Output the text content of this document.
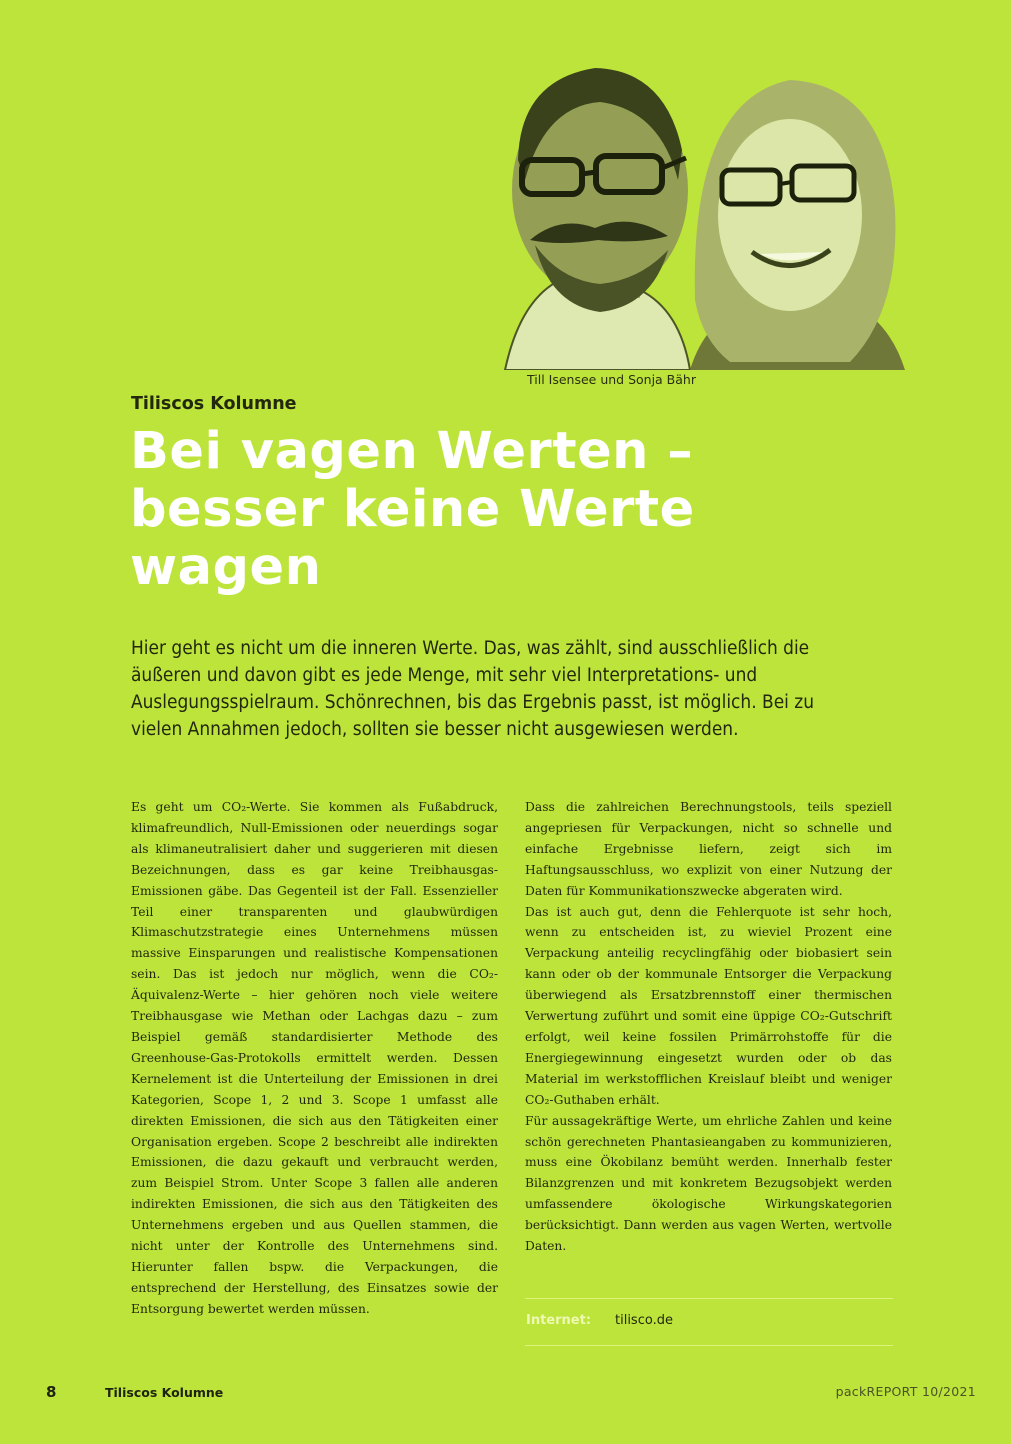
Till Isensee und Sonja Bähr
Tiliscos Kolumne
Bei vagen Werten – besser keine Werte wagen

Hier geht es nicht um die inneren Werte. Das, was zählt, sind ausschließlich die äußeren und davon gibt es jede Menge, mit sehr viel Interpretations- und Auslegungsspielraum. Schönrechnen, bis das Ergebnis passt, ist möglich. Bei zu vielen Annahmen jedoch, sollten sie besser nicht ausgewiesen werden.

Es geht um CO₂-Werte. Sie kommen als Fußabdruck, klimafreundlich, Null-Emissionen oder neuerdings sogar als klimaneutralisiert daher und suggerieren mit diesen Bezeichnungen, dass es gar keine Treibhausgas-Emissionen gäbe. Das Gegenteil ist der Fall. Essenzieller Teil einer transparenten und glaubwürdigen Klimaschutzstrategie eines Unternehmens müssen massive Einsparungen und realistische Kompensationen sein. Das ist jedoch nur möglich, wenn die CO₂-Äquivalenz-Werte – hier gehören noch viele weitere Treibhausgase wie Methan oder Lachgas dazu – zum Beispiel gemäß standardisierter Methode des Greenhouse-Gas-Protokolls ermittelt werden. Dessen Kernelement ist die Unterteilung der Emissionen in drei Kategorien, Scope 1, 2 und 3. Scope 1 umfasst alle direkten Emissionen, die sich aus den Tätigkeiten einer Organisation ergeben. Scope 2 beschreibt alle indirekten Emissionen, die dazu gekauft und verbraucht werden, zum Beispiel Strom. Unter Scope 3 fallen alle anderen indirekten Emissionen, die sich aus den Tätigkeiten des Unternehmens ergeben und aus Quellen stammen, die nicht unter der Kontrolle des Unternehmens sind. Hierunter fallen bspw. die Verpackungen, die entsprechend der Herstellung, des Einsatzes sowie der Entsorgung bewertet werden müssen.

Dass die zahlreichen Berechnungstools, teils speziell angepriesen für Verpackungen, nicht so schnelle und einfache Ergebnisse liefern, zeigt sich im Haftungsausschluss, wo explizit von einer Nutzung der Daten für Kommunikationszwecke abgeraten wird.

Das ist auch gut, denn die Fehlerquote ist sehr hoch, wenn zu entscheiden ist, zu wieviel Prozent eine Verpackung anteilig recyclingfähig oder biobasiert sein kann oder ob der kommunale Entsorger die Verpackung überwiegend als Ersatzbrennstoff einer thermischen Verwertung zuführt und somit eine üppige CO₂-Gutschrift erfolgt, weil keine fossilen Primärrohstoffe für die Energiegewinnung eingesetzt wurden oder ob das Material im werkstofflichen Kreislauf bleibt und weniger CO₂-Guthaben erhält.

Für aussagekräftige Werte, um ehrliche Zahlen und keine schön gerechneten Phantasieangaben zu kommunizieren, muss eine Ökobilanz bemüht werden. Innerhalb fester Bilanzgrenzen und mit konkretem Bezugsobjekt werden umfassendere ökologische Wirkungskategorien berücksichtigt. Dann werden aus vagen Werten, wertvolle Daten.

Internet: tilisco.de
8	Tiliscos Kolumne	packREPORT 10/2021
